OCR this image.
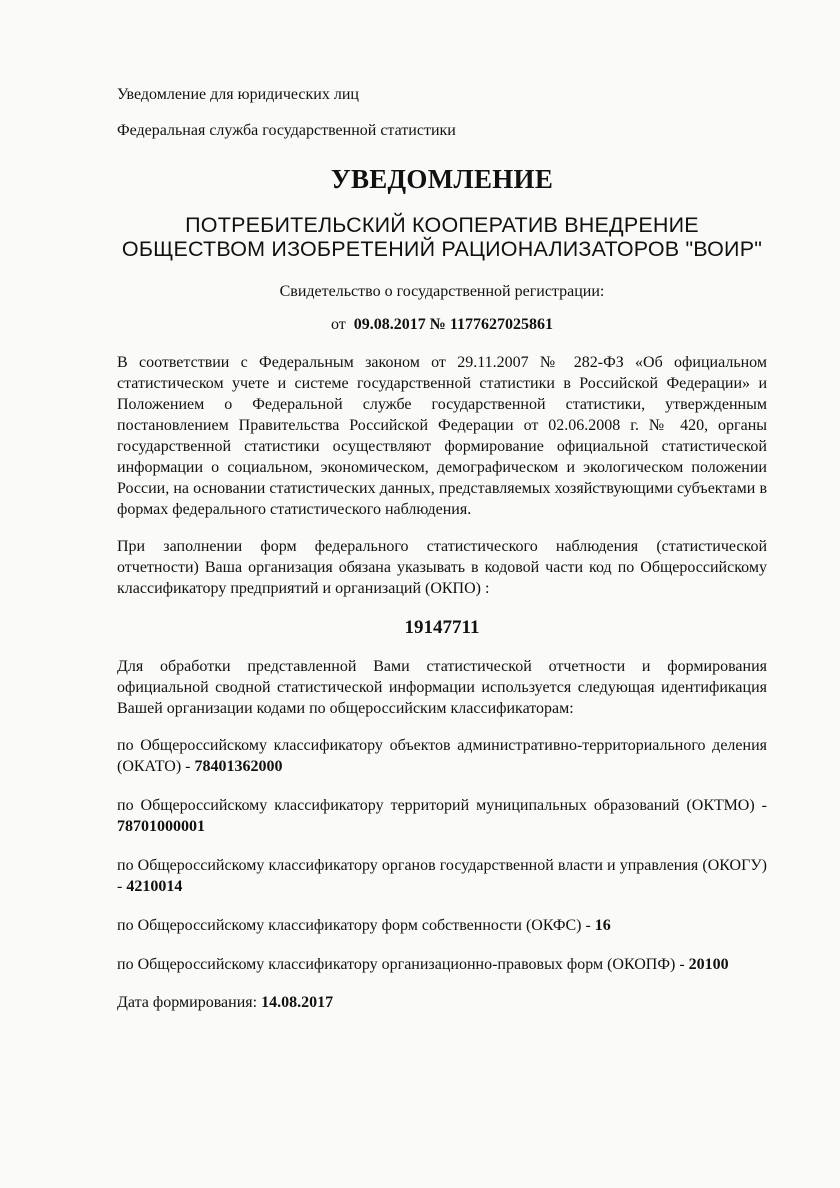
Уведомление для юридических лиц

Федеральная служба государственной статистики

УВЕДОМЛЕНИЕ

ПОТРЕБИТЕЛЬСКИЙ КООПЕРАТИВ ВНЕДРЕНИЕ
ОБЩЕСТВОМ ИЗОБРЕТЕНИЙ РАЦИОНАЛИЗАТОРОВ "ВОИР"

Свидетельство о государственной регистрации:

от 09.08.2017 № 1177627025861

В соответствии с Федеральным законом от 29.11.2007 № 282-ФЗ «Об официальном статистическом учете и системе государственной статистики в Российской Федерации» и Положением о Федеральной службе государственной статистики, утвержденным постановлением Правительства Российской Федерации от 02.06.2008 г. № 420, органы государственной статистики осуществляют формирование официальной статистической информации о социальном, экономическом, демографическом и экологическом положении России, на основании статистических данных, представляемых хозяйствующими субъектами в формах федерального статистического наблюдения.

При заполнении форм федерального статистического наблюдения (статистической отчетности) Ваша организация обязана указывать в кодовой части код по Общероссийскому классификатору предприятий и организаций (ОКПО) :

19147711

Для обработки представленной Вами статистической отчетности и формирования официальной сводной статистической информации используется следующая идентификация Вашей организации кодами по общероссийским классификаторам:

по Общероссийскому классификатору объектов административно-территориального деления (ОКАТО) - 78401362000

по Общероссийскому классификатору территорий муниципальных образований (ОКТМО) - 78701000001

по Общероссийскому классификатору органов государственной власти и управления (ОКОГУ) - 4210014

по Общероссийскому классификатору форм собственности (ОКФС) - 16

по Общероссийскому классификатору организационно-правовых форм (ОКОПФ) - 20100

Дата формирования: 14.08.2017
